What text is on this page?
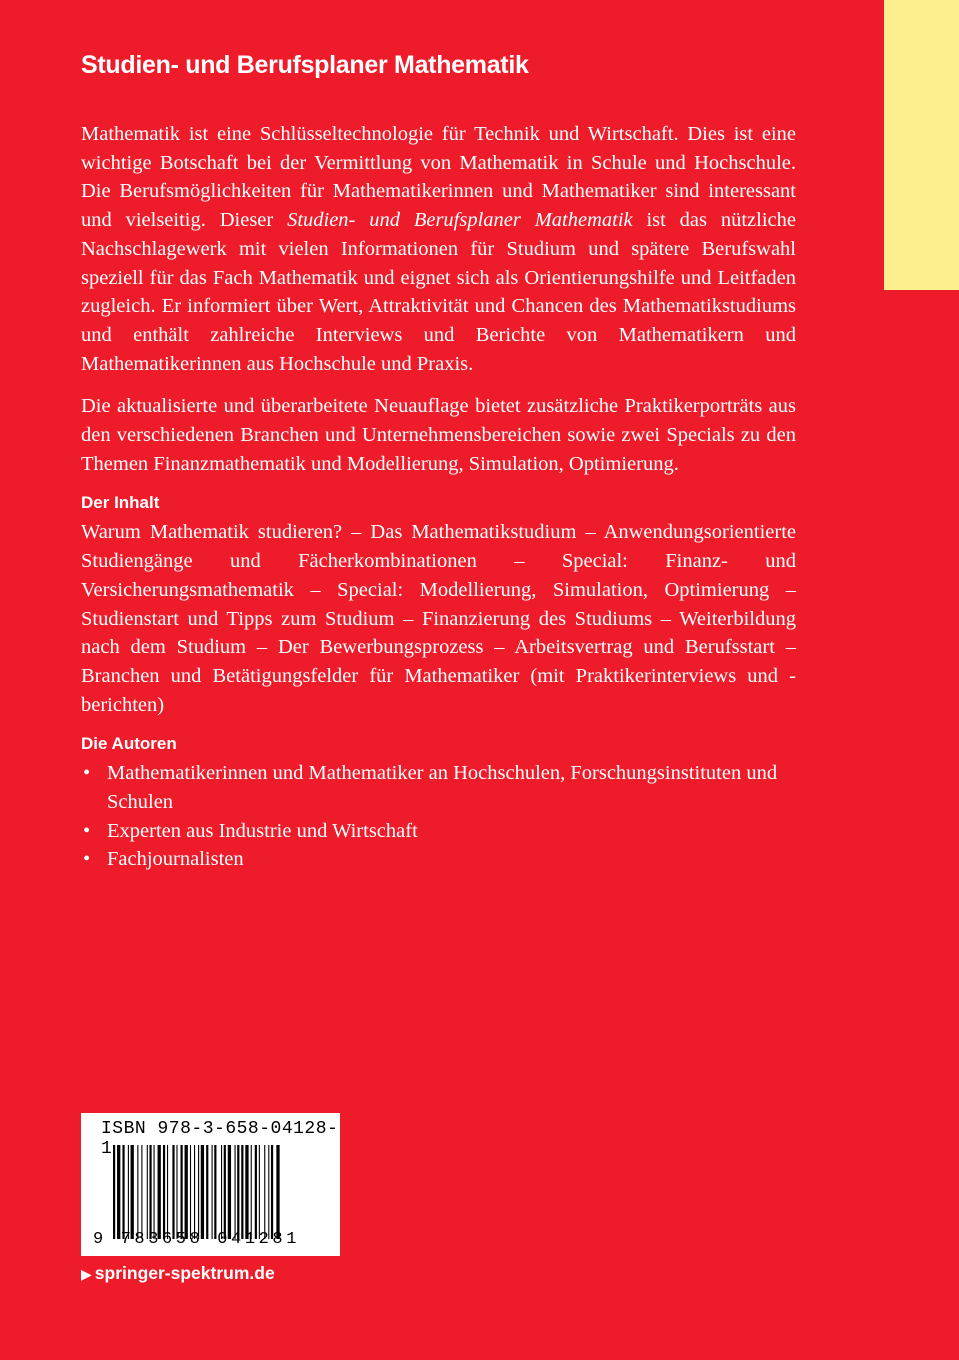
Studien- und Berufsplaner Mathematik

Mathematik ist eine Schlüsseltechnologie für Technik und Wirtschaft. Dies ist eine wichtige Botschaft bei der Vermittlung von Mathematik in Schule und Hochschule. Die Berufsmöglichkeiten für Mathematikerinnen und Mathematiker sind interessant und vielseitig. Dieser Studien- und Berufsplaner Mathematik ist das nützliche Nachschlagewerk mit vielen Informationen für Studium und spätere Berufswahl speziell für das Fach Mathematik und eignet sich als Orientierungshilfe und Leitfaden zugleich. Er informiert über Wert, Attraktivität und Chancen des Mathematikstudiums und enthält zahlreiche Interviews und Berichte von Mathematikern und Mathematikerinnen aus Hochschule und Praxis.

Die aktualisierte und überarbeitete Neuauflage bietet zusätzliche Praktikerporträts aus den verschiedenen Branchen und Unternehmensbereichen sowie zwei Specials zu den Themen Finanzmathematik und Modellierung, Simulation, Optimierung.

Der Inhalt

Warum Mathematik studieren? – Das Mathematikstudium – Anwendungsorientierte Studiengänge und Fächerkombinationen – Special: Finanz- und Versicherungsmathematik – Special: Modellierung, Simulation, Optimierung – Studienstart und Tipps zum Studium – Finanzierung des Studiums – Weiterbildung nach dem Studium – Der Bewerbungsprozess – Arbeitsvertrag und Berufsstart – Branchen und Betätigungsfelder für Mathematiker (mit Praktikerinterviews und -berichten)

Die Autoren
• Mathematikerinnen und Mathematiker an Hochschulen, Forschungsinstituten und Schulen
• Experten aus Industrie und Wirtschaft
• Fachjournalisten
ISBN 978-3-658-04128-1
9 783658 041281
▶ springer-spektrum.de
